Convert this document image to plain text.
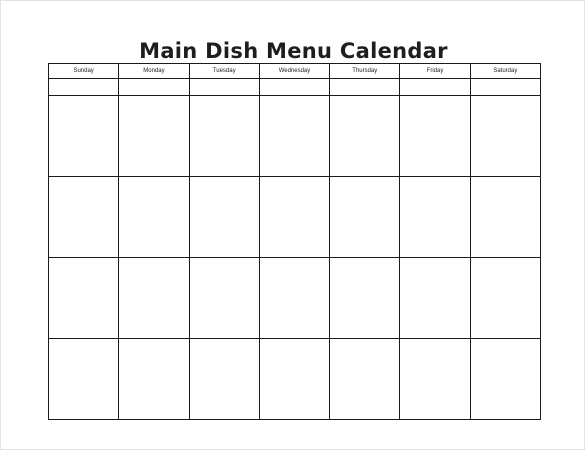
Main Dish Menu Calendar
Sunday	Monday	Tuesday	Wednesday	Thursday	Friday	Saturday
